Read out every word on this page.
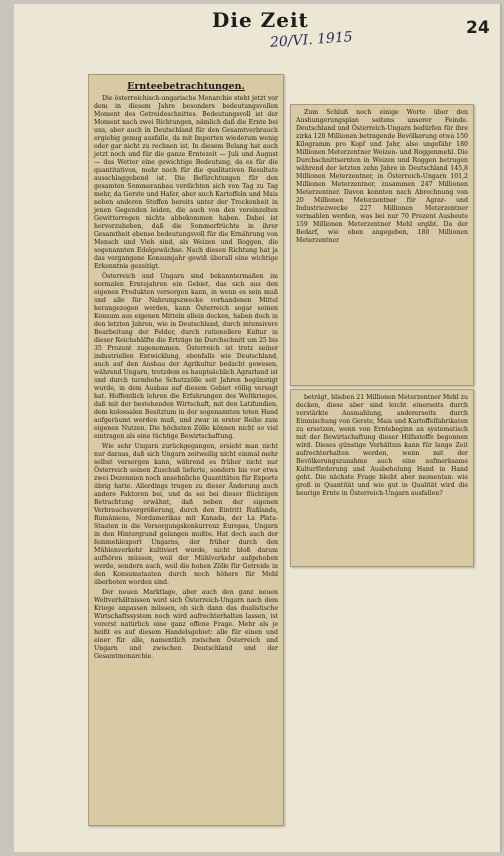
Die Zeit
20/VI. 1915
24
Ernteebetrachtungen.

Die österreichisch-ungarische Monarchie steht jetzt vor dem in diesem Jahre besonders bedeutungsvollen Moment des Getreideschnittes. Bedeutungsvoll ist der Moment nach zwei Richtungen, nämlich daß die Ernte bei uns, aber auch in Deutschland für den Gesamtverbrauch ergiebig genug ausfalle, da mit Importen wiederum wenig oder gar nicht zu rechnen ist. In diesem Belang hat auch jetzt noch und für die ganze Erntezeit — Juli und August — das Wetter eine gewichtige Bedeutung, da es für die quantitativen, mehr noch für die qualitativen Resultate ausschlaggebend ist. Die Befürchtungen für den gesamten Sommeranbau verdichten sich von Tag zu Tag mehr, da Gerste und Hafer, aber auch Kartoffeln und Mais neben anderen Stoffen bereits unter der Trockenheit in jenen Gegenden leiden, die auch von den vereinzelten Gewitterregen nichts abbekommen haben. Dabei ist hervorzuheben, daß die Sommerfrüchte in ihrer Gesamtheit ebenso bedeutungsvoll für die Ernährung von Mensch und Vieh sind, als Weizen und Roggen, die sogenannten Edelgewächse. Nach diesen Richtung hat ja das vergangene Konsumjahr gewiß überall eine wichtige Erkenntnis gezeitigt.

Österreich und Ungarn sind bekanntermaßen im normalen Erntejahren ein Gebiet, das sich aus den eigenen Produkten versorgen kann, in wenn es sein muß und alle für Nahrungszwecke vorhandenen Mittel herangezogen werden, kann Österreich sogar seinen Konsum aus eigenen Mitteln allein decken, haben doch in den letzten Jahren, wie in Deutschland, durch intensivere Bearbeitung der Felder, durch rationellere Kultur in dieser Reichshälfte die Erträge im Durchschnitt um 25 bis 35 Prozent zugenommen. Österreich ist trotz seiner industriellen Entwicklung, ebenfalls wie Deutschland, auch auf den Ausbau der Agrikultur bedacht gewesen, während Ungarn, trotzdem es hauptsächlich Agrarland ist und durch turmhohe Schutzzölle seit Jahren begünstigt wurde, in dem Ausbau auf diesem Gebiet völlig versagt hat. Hoffentlich lehren die Erfahrungen des Weltkrieges, daß mit der bestehenden Wirtschaft, mit den Latifundien, dem kolossalen Besitztum in der sogenannten toten Hand aufgeräumt werden muß, und zwar in erster Reihe zum eigenen Nutzen. Die höchsten Zölle können nicht so viel eintragen als eine tüchtige Bewirtschaftung.

Wie sehr Ungarn zurückgegangen, ersieht man nicht nur daraus, daß sich Ungarn zeitweilig nicht einmal mehr selbst versorgen kann, während es früher nicht nur Österreich seinen Zuschuß lieferte, sondern bis vor etwa zwei Dezennien noch ansehnliche Quantitäten für Exporte übrig hatte. Allerdings trugen zu dieser Änderung auch andere Faktoren bei, und da sei bei dieser flüchtigen Betrachtung erwähnt, daß neben der eigenen Verbrauchsvergrößerung, durch den Eintritt Rußlands, Rumäniens, Nordamerikas mit Kanada, der La Plata-Staaten in die Versorgungskonkurrenz Europas, Ungarn in den Hintergrund gelangen mußte. Hat doch auch der feinmehlexport Ungarns, der früher durch den Mühlenverkehr kultiviert wurde, nicht bloß darum aufhören müssen, weil der Mühlverkehr aufgehoben werde, sondern auch, weil die hohen Zölle für Getreide in den Konsumstaaten durch noch höhere für Mehl überboten worden sind.

Der neuen Marktlage, aber auch den ganz neuen Weltverhältnissen wird sich Österreich-Ungarn nach dem Kriege anpassen müssen, ob sich dann das dualistische Wirtschaftssystem noch wird aufrechterhalten lassen, ist vorerst natürlich eine ganz offene Frage. Mehr als je heißt es auf diesem Handelsgebiet: alle für einen und einer für alle, namentlich zwischen Österreich und Ungarn und zwischen Deutschland und der Gesamtmonarchie.

Zum Schluß noch einige Worte über den Aushungerungsplan seitens unserer Feinde. Deutschland und Österreich-Ungarn bedürfen für ihre zirka 120 Millionen betragende Bevölkerung etwa 150 Kilogramm pro Kopf und Jahr, also ungefähr 180 Millionen Meterzentner Weizen- und Roggenmehl. Die Durchschnittsernten in Weizen und Roggen betrugen während der letzten zehn Jahre in Deutschland 145,8 Millionen Meterzentner, in Österreich-Ungarn 101,2 Millionen Meterzentner, zusammen 247 Millionen Meterzentner. Davon konnten nach Abrechnung von 20 Millionen Meterzentner für Agrar- und Industriezwecke 227 Millionen Meterzentner vermahlen werden, was bei nur 70 Prozent Ausbeute 159 Millionen Meterzentner Mehl ergibt. Da der Bedarf, wie oben angegeben, 180 Millionen Meterzentner

beträgt, blieben 21 Millionen Meterzentner Mehl zu decken, diese aber sind leicht einerseits durch verstärkte Ausmahlung, andererseits durch Einmischung von Gerste, Mais und Kartoffelfabrikaten zu ersetzen, wenn von Erntebeginn an systematisch mit der Bewirtschaftung dieser Hilfsstoffe begonnen wird. Dieses günstige Verhältnis kann für lange Zeit aufrechterhalten werden, wenn mit der Bevölkerungszunahme auch eine aufmerksame Kulturförderung und Ausbeholung Hand in Hand geht. Die nächste Frage bleibt aber momentan: wie groß in Quantität und wie gut in Qualität wird die heurige Ernte in Österreich-Ungarn ausfallen?
